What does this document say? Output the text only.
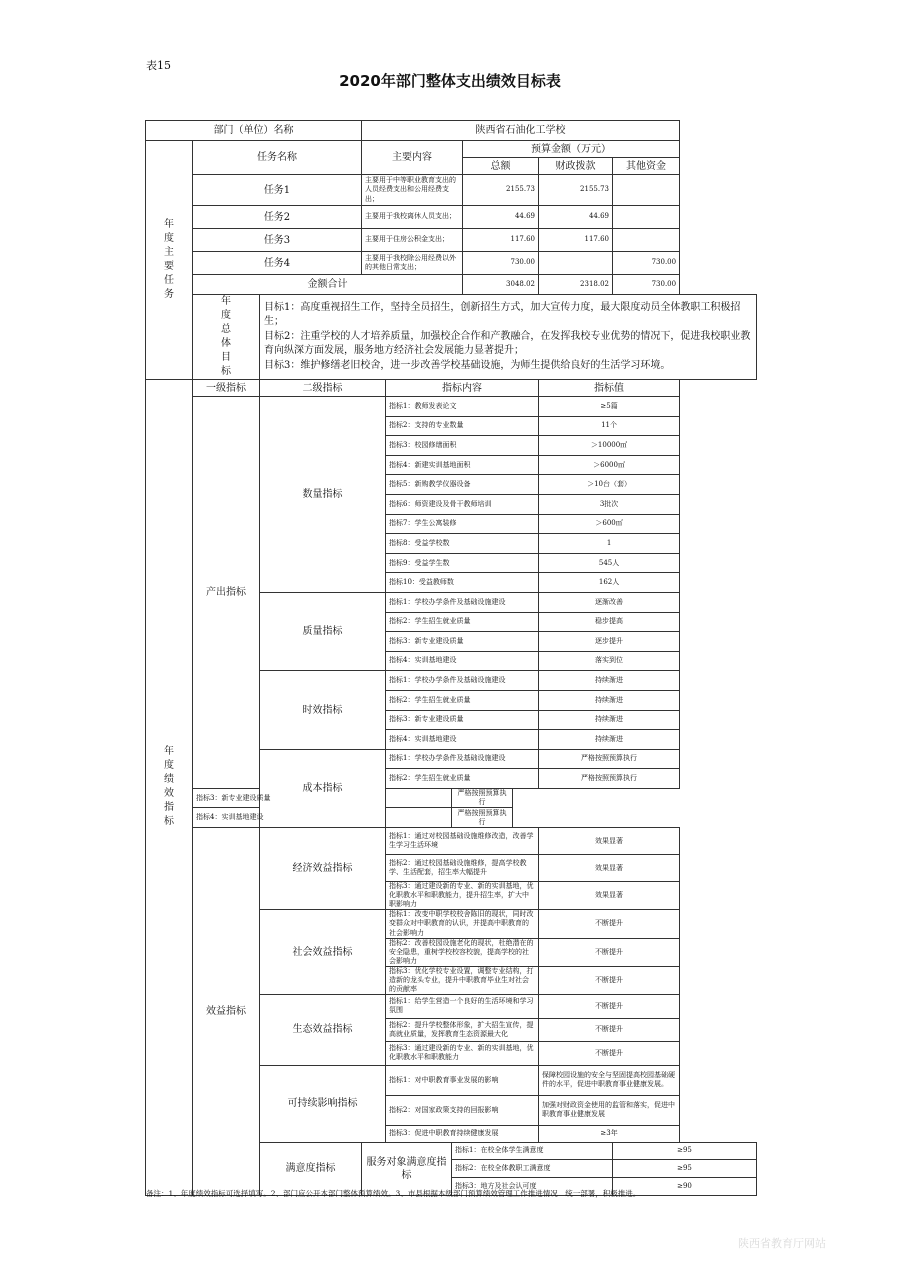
表15
2020年部门整体支出绩效目标表
部门（单位）名称			陕西省石油化工学校					

年度主要任务	任务名称		主要内容			预算金额（万元）		
						总额	财政拨款	其他资金
	任务1		主要用于中等职业教育支出的人员经费支出和公用经费支出；			2155.73	2155.73	
	任务2		主要用于我校离休人员支出；			44.69	44.69	
	任务3		主要用于住房公积金支出；			117.60	117.60	
	任务4		主要用于我校除公用经费以外的其他日常支出；			730.00		730.00
	金额合计					3048.02	2318.02	730.00

	年度总体目标	目标1：高度重视招生工作，坚持全员招生，创新招生方式，加大宣传力度，最大限度动员全体教职工积极招生；
目标2：注重学校的人才培养质量，加强校企合作和产教融合，在发挥我校专业优势的情况下，促进我校职业教育向纵深方面发展，服务地方经济社会发展能力显著提升；
目标3：维护修缮老旧校舍，进一步改善学校基础设施，为师生提供给良好的生活学习环境。						

年度绩效指标	一级指标	二级指标		指标内容			指标值	
	产出指标	数量指标		指标1：教师发表论文			≥5篇	
				指标2：支持的专业数量			11个	
				指标3：校园修缮面积			＞10000㎡	
				指标4：新建实训基地面积			＞6000㎡	
				指标5：新购教学仪器设备			＞10台（套）	
				指标6：师资建设及骨干教师培训			3批次	
				指标7：学生公寓装修			＞600㎡	
				指标8：受益学校数			1	
				指标9：受益学生数			545人	
				指标10：受益教师数			162人	
		质量指标		指标1：学校办学条件及基础设施建设			逐渐改善	
				指标2：学生招生就业质量			稳步提高	
				指标3：新专业建设质量			逐步提升	
				指标4：实训基地建设			落实到位	
		时效指标		指标1：学校办学条件及基础设施建设			持续渐进	
				指标2：学生招生就业质量			持续渐进	
				指标3：新专业建设质量			持续渐进	
				指标4：实训基地建设			持续渐进	
		成本指标		指标1：学校办学条件及基础设施建设			严格按照预算执行	
				指标2：学生招生就业质量			严格按照预算执行	
	指标3：新专业建设质量				严格按照预算执行			
	指标4：实训基地建设				严格按照预算执行			
	效益指标	经济效益指标		指标1：通过对校园基础设施维修改造，改善学生学习生活环境			效果显著	
				指标2：通过校园基础设施维修，提高学校教学、生活配套，招生率大幅提升			效果显著	
				指标3：通过建设新的专业、新的实训基地，优化职教水平和职教能力，提升招生率，扩大中职影响力			效果显著	
		社会效益指标		指标1：改变中职学校校舍陈旧的现状，同时改变群众对中职教育的认识，并提高中职教育的社会影响力			不断提升	
				指标2：改善校园设施老化的现状，杜绝潜在的安全隐患，重树学校校容校貌，提高学校的社会影响力			不断提升	
				指标3：优化学校专业设置，调整专业结构，打造新的龙头专业，提升中职教育毕业生对社会的贡献率			不断提升	
		生态效益指标		指标1：给学生营造一个良好的生活环境和学习氛围			不断提升	
				指标2：提升学校整体形象，扩大招生宣传，提高就业质量，发挥教育生态资源最大化			不断提升	
				指标3：通过建设新的专业、新的实训基地，优化职教水平和职教能力			不断提升	
		可持续影响指标		指标1：对中职教育事业发展的影响			保障校园设施的安全与坚固提高校园基础硬件的水平，促进中职教育事业健康发展。	
				指标2：对国家政策支持的回报影响			加强对财政资金使用的监管和落实，促进中职教育事业健康发展	
				指标3：促进中职教育持续健康发展			≥3年	
		满意度指标	服务对象满意度指标		指标1：在校全体学生满意度			≥95
					指标2：在校全体教职工满意度			≥95
					指标3：地方及社会认可度			≥90
备注：1、年度绩效指标可选择填写。2、部门应公开本部门整体预算绩效。3、市县根据本级部门预算绩效管理工作推进情况　统一部署，积极推进。
陕西省教育厅网站
